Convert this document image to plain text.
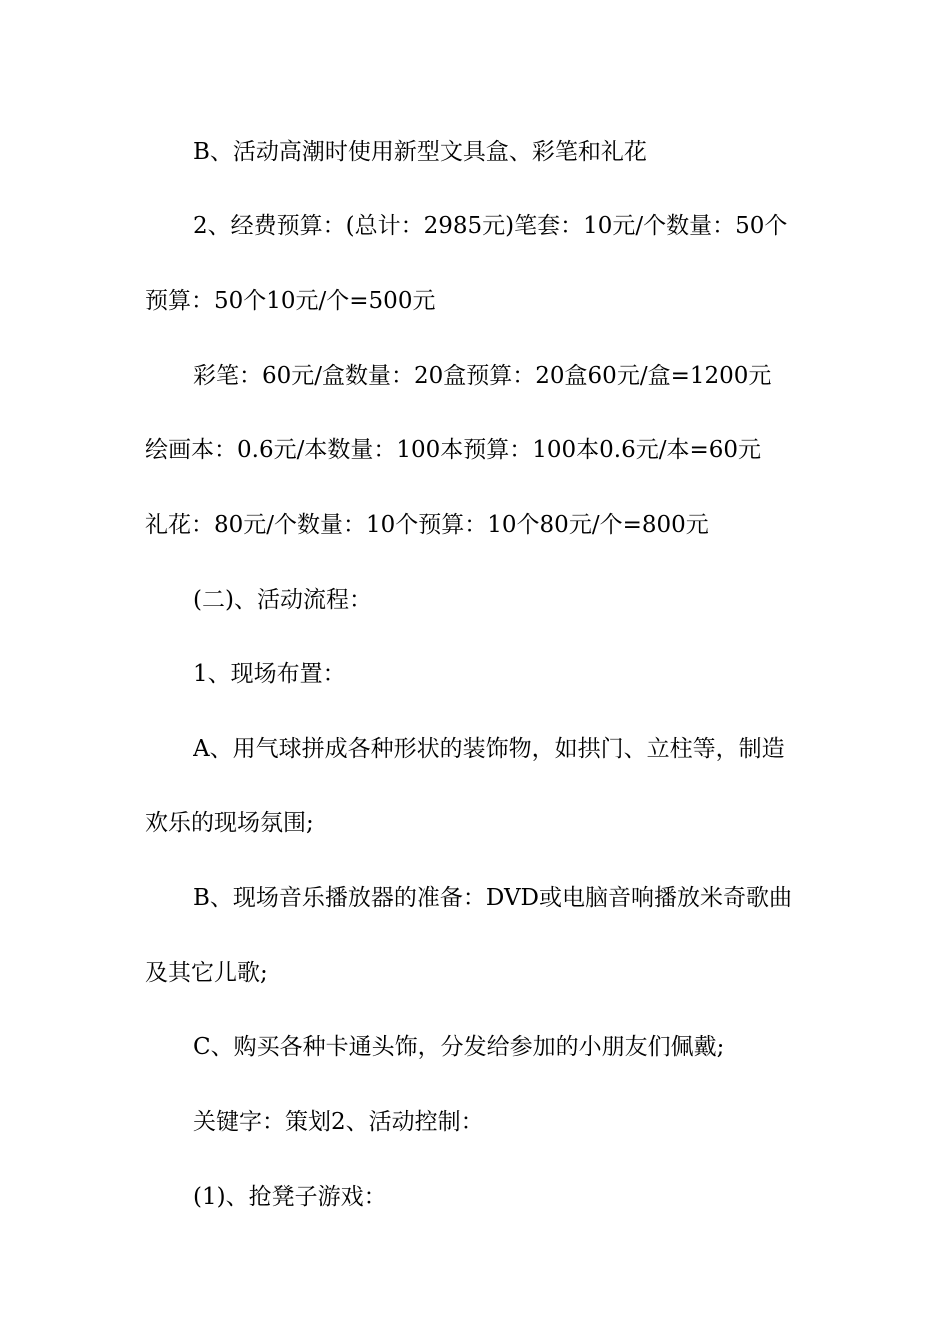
B、活动高潮时使用新型文具盒、彩笔和礼花
2、经费预算：(总计：2985元)笔套：10元/个数量：50个
预算：50个10元/个=500元
彩笔：60元/盒数量：20盒预算：20盒60元/盒=1200元
绘画本：0.6元/本数量：100本预算：100本0.6元/本=60元
礼花：80元/个数量：10个预算：10个80元/个=800元
(二)、活动流程：
1、现场布置：
A、用气球拼成各种形状的装饰物，如拱门、立柱等，制造
欢乐的现场氛围;
B、现场音乐播放器的准备：DVD或电脑音响播放米奇歌曲
及其它儿歌;
C、购买各种卡通头饰，分发给参加的小朋友们佩戴;
关键字：策划2、活动控制：
(1)、抢凳子游戏：
